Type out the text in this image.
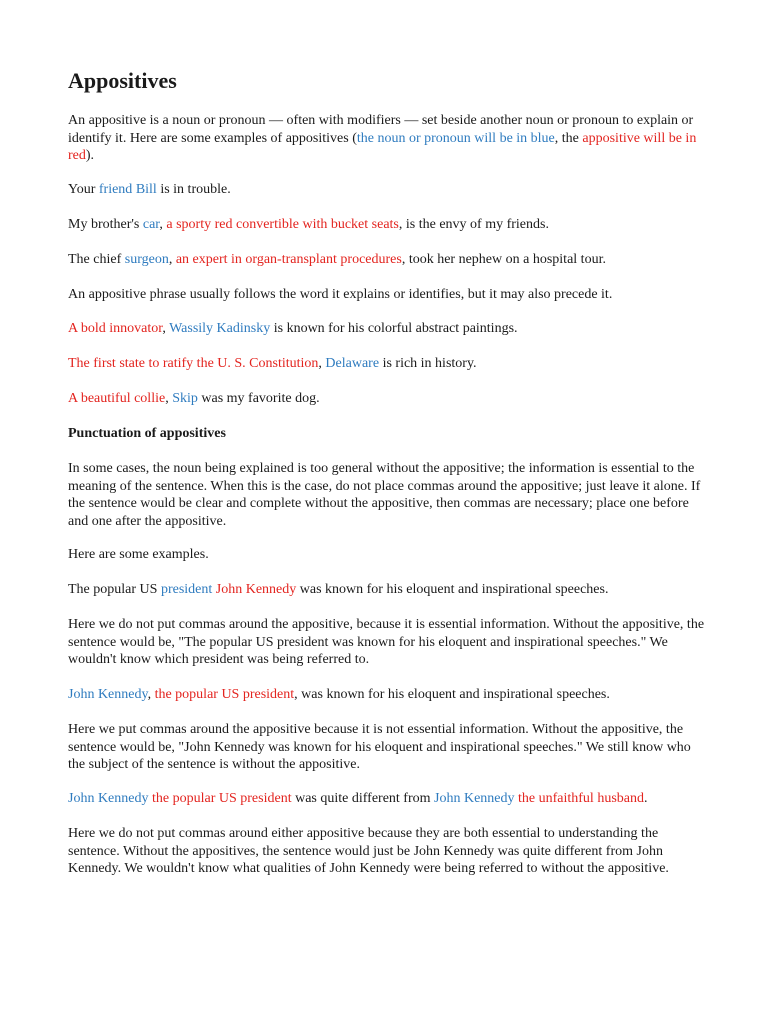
Appositives

An appositive is a noun or pronoun — often with modifiers — set beside another noun or pronoun to explain or identify it. Here are some examples of appositives (the noun or pronoun will be in blue, the appositive will be in red).

Your friend Bill is in trouble.

My brother's car, a sporty red convertible with bucket seats, is the envy of my friends.

The chief surgeon, an expert in organ-transplant procedures, took her nephew on a hospital tour.

An appositive phrase usually follows the word it explains or identifies, but it may also precede it.

A bold innovator, Wassily Kadinsky is known for his colorful abstract paintings.

The first state to ratify the U. S. Constitution, Delaware is rich in history.

A beautiful collie, Skip was my favorite dog.

Punctuation of appositives

In some cases, the noun being explained is too general without the appositive; the information is essential to the meaning of the sentence. When this is the case, do not place commas around the appositive; just leave it alone. If the sentence would be clear and complete without the appositive, then commas are necessary; place one before and one after the appositive.

Here are some examples.

The popular US president John Kennedy was known for his eloquent and inspirational speeches.

Here we do not put commas around the appositive, because it is essential information. Without the appositive, the sentence would be, "The popular US president was known for his eloquent and inspirational speeches." We wouldn't know which president was being referred to.

John Kennedy, the popular US president, was known for his eloquent and inspirational speeches.

Here we put commas around the appositive because it is not essential information. Without the appositive, the sentence would be, "John Kennedy was known for his eloquent and inspirational speeches." We still know who the subject of the sentence is without the appositive.

John Kennedy the popular US president was quite different from John Kennedy the unfaithful husband.

Here we do not put commas around either appositive because they are both essential to understanding the sentence. Without the appositives, the sentence would just be John Kennedy was quite different from John Kennedy. We wouldn't know what qualities of John Kennedy were being referred to without the appositive.
